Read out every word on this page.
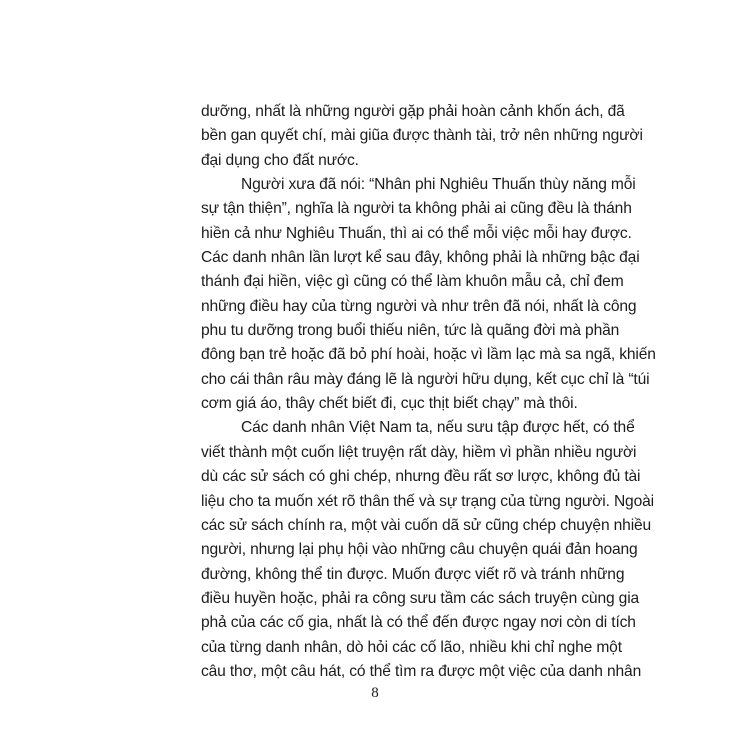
dưỡng, nhất là những người gặp phải hoàn cảnh khốn ách, đã
bền gan quyết chí, mài giũa được thành tài, trở nên những người
đại dụng cho đất nước.
Người xưa đã nói: “Nhân phi Nghiêu Thuấn thùy năng mỗi
sự tận thiện”, nghĩa là người ta không phải ai cũng đều là thánh
hiền cả như Nghiêu Thuấn, thì ai có thể mỗi việc mỗi hay được.
Các danh nhân lần lượt kể sau đây, không phải là những bậc đại
thánh đại hiền, việc gì cũng có thể làm khuôn mẫu cả, chỉ đem
những điều hay của từng người và như trên đã nói, nhất là công
phu tu dưỡng trong buổi thiếu niên, tức là quãng đời mà phần
đông bạn trẻ hoặc đã bỏ phí hoài, hoặc vì lầm lạc mà sa ngã, khiến
cho cái thân râu mày đáng lẽ là người hữu dụng, kết cục chỉ là “túi
cơm giá áo, thây chết biết đi, cục thịt biết chạy” mà thôi.
Các danh nhân Việt Nam ta, nếu sưu tập được hết, có thể
viết thành một cuốn liệt truyện rất dày, hiềm vì phần nhiều người
dù các sử sách có ghi chép, nhưng đều rất sơ lược, không đủ tài
liệu cho ta muốn xét rõ thân thế và sự trạng của từng người. Ngoài
các sử sách chính ra, một vài cuốn dã sử cũng chép chuyện nhiều
người, nhưng lại phụ hội vào những câu chuyện quái đản hoang
đường, không thể tin được. Muốn được viết rõ và tránh những
điều huyền hoặc, phải ra công sưu tầm các sách truyện cùng gia
phả của các cố gia, nhất là có thể đến được ngay nơi còn di tích
của từng danh nhân, dò hỏi các cố lão, nhiều khi chỉ nghe một
câu thơ, một câu hát, có thể tìm ra được một việc của danh nhân
8
